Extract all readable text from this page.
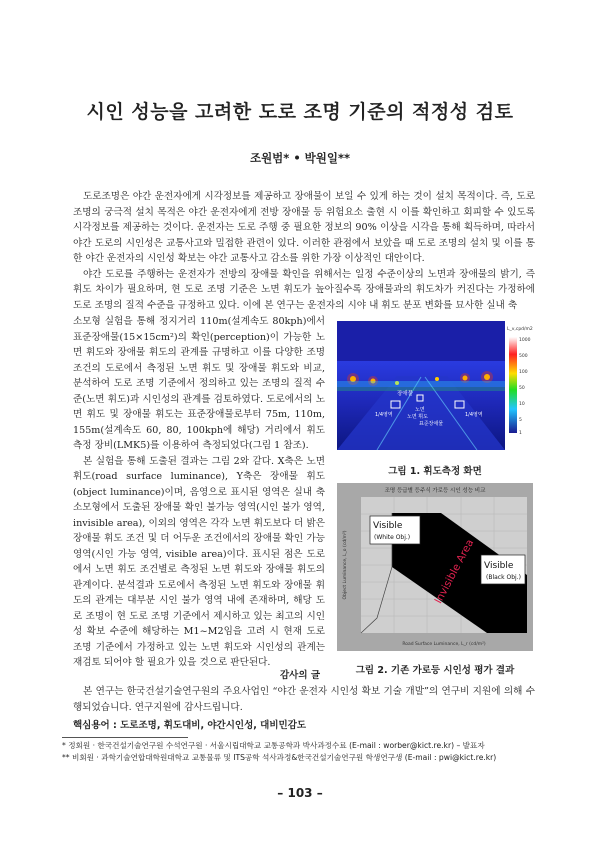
시인 성능을 고려한 도로 조명 기준의 적정성 검토
조원범* • 박원일**

도로조명은 야간 운전자에게 시각정보를 제공하고 장애물이 보일 수 있게 하는 것이 설치 목적이다. 즉, 도로조명의 궁극적 설치 목적은 야간 운전자에게 전방 장애물 등 위험요소 출현 시 이를 확인하고 회피할 수 있도록 시각정보를 제공하는 것이다. 운전자는 도로 주행 중 필요한 정보의 90% 이상을 시각을 통해 획득하며, 따라서 야간 도로의 시인성은 교통사고와 밀접한 관련이 있다. 이러한 관점에서 보았을 때 도로 조명의 설치 및 이를 통한 야간 운전자의 시인성 확보는 야간 교통사고 감소를 위한 가장 이상적인 대안이다.

야간 도로를 주행하는 운전자가 전방의 장애물 확인을 위해서는 일정 수준이상의 노면과 장애물의 밝기, 즉 휘도 차이가 필요하며, 현 도로 조명 기준은 노면 휘도가 높아질수록 장애물과의 휘도차가 커진다는 가정하에 도로 조명의 질적 수준을 규정하고 있다. 이에 본 연구는 운전자의 시야 내 휘도 분포 변화를 묘사한 실내 축

소모형 실험을 통해 정지거리 110m(설계속도 80kph)에서 표준장애물(15×15cm²)의 확인(perception)이 가능한 노면 휘도와 장애물 휘도의 관계를 규명하고 이를 다양한 조명 조건의 도로에서 측정된 노면 휘도 및 장애물 휘도와 비교, 분석하여 도로 조명 기준에서 정의하고 있는 조명의 질적 수준(노면 휘도)과 시인성의 관계를 검토하였다. 도로에서의 노면 휘도 및 장애물 휘도는 표준장애물로부터 75m, 110m, 155m(설계속도 60, 80, 100kph에 해당) 거리에서 휘도 측정 장비(LMK5)를 이용하여 측정되었다(그림 1 참조).

본 실험을 통해 도출된 결과는 그림 2와 같다. X축은 노면 휘도(road surface luminance), Y축은 장애물 휘도(object luminance)이며, 음영으로 표시된 영역은 실내 축소모형에서 도출된 장애물 확인 불가능 영역(시인 불가 영역, invisible area), 이외의 영역은 각각 노면 휘도보다 더 밝은 장애물 휘도 조건 및 더 어두운 조건에서의 장애물 확인 가능 영역(시인 가능 영역, visible area)이다. 표시된 점은 도로에서 노면 휘도 조건별로 측정된 노면 휘도와 장애물 휘도의 관계이다. 분석결과 도로에서 측정된 노면 휘도와 장애물 휘도의 관계는 대부분 시인 불가 영역 내에 존재하며, 해당 도로 조명이 현 도로 조명 기준에서 제시하고 있는 최고의 시인성 확보 수준에 해당하는 M1~M2임을 고려 시 현재 도로 조명 기준에서 가정하고 있는 노면 휘도와 시인성의 관계는 재검토 되어야 할 필요가 있을 것으로 판단된다.

장애물
노면
노면 휘도
1/4영역
표준장애물
1/4영역
L_v,cpd/m2
1000
500
100
50
10
5
1
그림 1. 휘도측정 화면
조명 등급별 등주식 가로등 시인 성능 비교
Visible
(White Obj.)
Invisible Area Visible
(Black Obj.)
Object Luminance, L_o (cd/m²)
Road Surface Luminance, L_r (cd/m²)
그림 2. 기존 가로등 시인성 평가 결과
감사의 글

본 연구는 한국건설기술연구원의 주요사업인 “야간 운전자 시인성 확보 기술 개발”의 연구비 지원에 의해 수행되었습니다. 연구지원에 감사드립니다.

핵심용어 : 도로조명, 휘도대비, 야간시인성, 대비민감도
* 정회원 · 한국건설기술연구원 수석연구원 · 서울시립대학교 교통공학과 박사과정수료 (E-mail : worber@kict.re.kr) – 발표자
** 비회원 · 과학기술연합대학원대학교 교통물류 및 ITS공학 석사과정&한국건설기술연구원 학생연구생 (E-mail : pwi@kict.re.kr)
– 103 –
